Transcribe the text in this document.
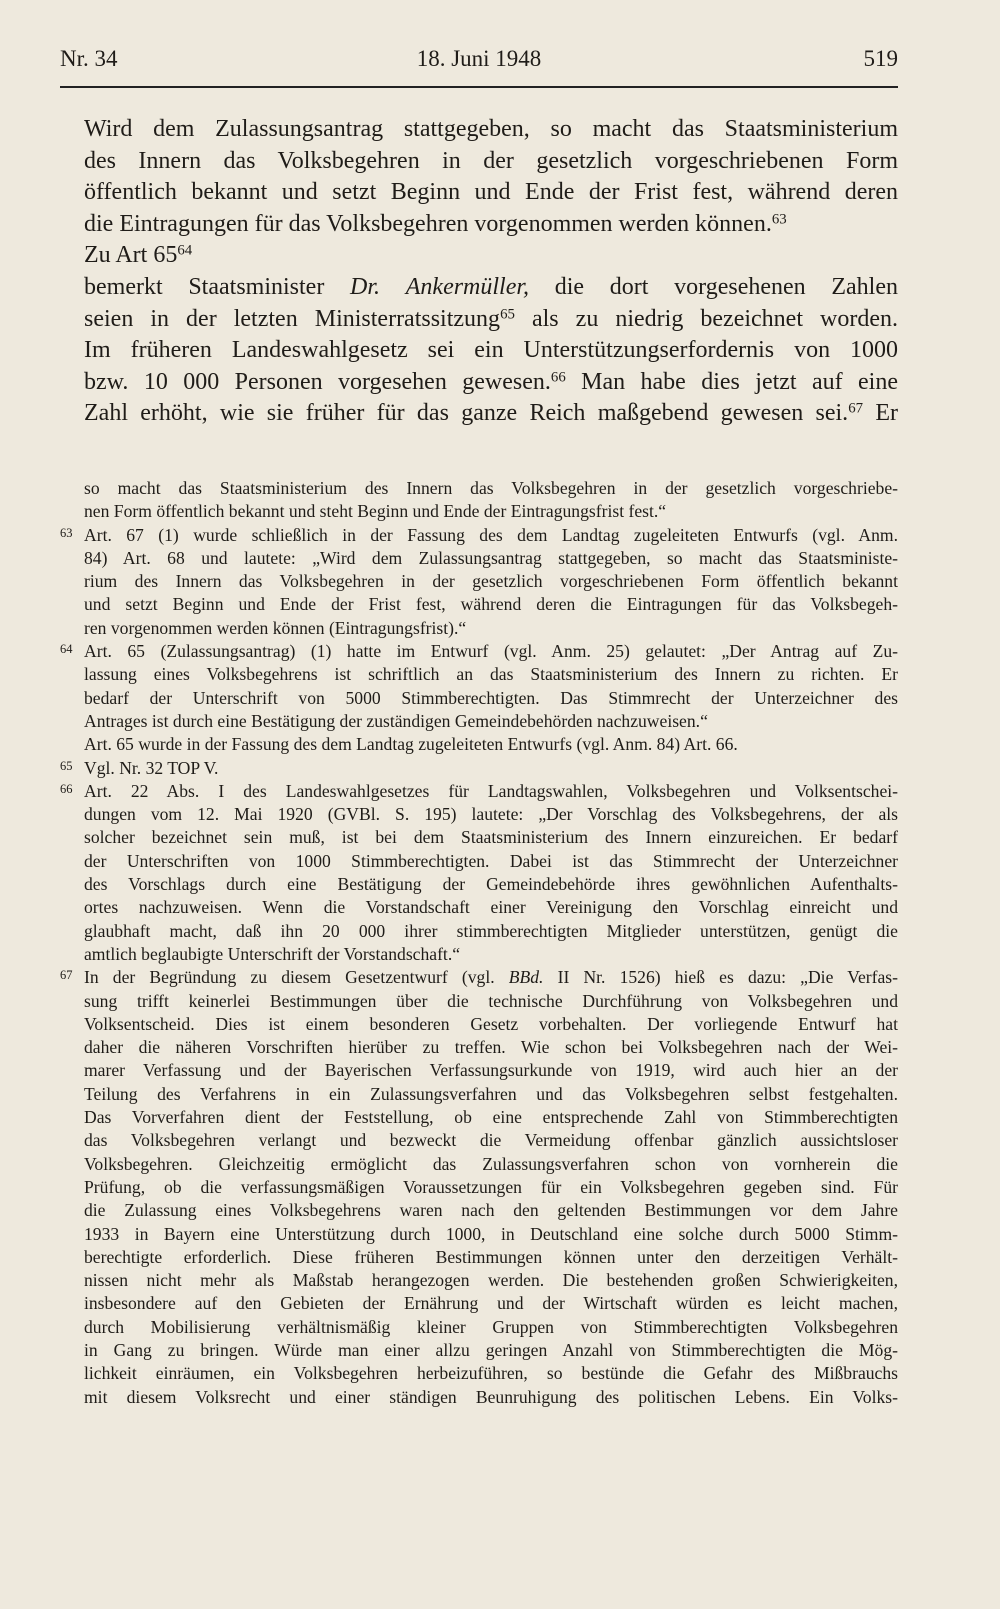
Nr. 34	18. Juni 1948	519
Wird dem Zulassungsantrag stattgegeben, so macht das Staatsministerium
des Innern das Volksbegehren in der gesetzlich vorgeschriebenen Form
öffentlich bekannt und setzt Beginn und Ende der Frist fest, während deren
die Eintragungen für das Volksbegehren vorgenommen werden können.$^{63}$
Zu Art $65^{64}$
bemerkt Staatsminister Dr. Ankermüller, die dort vorgesehenen Zahlen
seien in der letzten Ministerratssitzung$^{65}$ als zu niedrig bezeichnet worden.
Im früheren Landeswahlgesetz sei ein Unterstützungserfordernis von 1000
bzw. 10 000 Personen vorgesehen gewesen.$^{66}$ Man habe dies jetzt auf eine
Zahl erhöht, wie sie früher für das ganze Reich maßgebend gewesen sei.$^{67}$ Er
so macht das Staatsministerium des Innern das Volksbegehren in der gesetzlich vorgeschriebe-
nen Form öffentlich bekannt und steht Beginn und Ende der Eintragungsfrist fest.“
63 Art. 67 (1) wurde schließlich in der Fassung des dem Landtag zugeleiteten Entwurfs (vgl. Anm.
84) Art. 68 und lautete: „Wird dem Zulassungsantrag stattgegeben, so macht das Staatsministe-
rium des Innern das Volksbegehren in der gesetzlich vorgeschriebenen Form öffentlich bekannt
und setzt Beginn und Ende der Frist fest, während deren die Eintragungen für das Volksbegeh-
ren vorgenommen werden können (Eintragungsfrist).“
64 Art. 65 (Zulassungsantrag) (1) hatte im Entwurf (vgl. Anm. 25) gelautet: „Der Antrag auf Zu-
lassung eines Volksbegehrens ist schriftlich an das Staatsministerium des Innern zu richten. Er
bedarf der Unterschrift von 5000 Stimmberechtigten. Das Stimmrecht der Unterzeichner des
Antrages ist durch eine Bestätigung der zuständigen Gemeindebehörden nachzuweisen.“
Art. 65 wurde in der Fassung des dem Landtag zugeleiteten Entwurfs (vgl. Anm. 84) Art. 66.
65 Vgl. Nr. 32 TOP V.
66 Art. 22 Abs. I des Landeswahlgesetzes für Landtagswahlen, Volksbegehren und Volksentschei-
dungen vom 12. Mai 1920 (GVBl. S. 195) lautete: „Der Vorschlag des Volksbegehrens, der als
solcher bezeichnet sein muß, ist bei dem Staatsministerium des Innern einzureichen. Er bedarf
der Unterschriften von 1000 Stimmberechtigten. Dabei ist das Stimmrecht der Unterzeichner
des Vorschlags durch eine Bestätigung der Gemeindebehörde ihres gewöhnlichen Aufenthalts-
ortes nachzuweisen. Wenn die Vorstandschaft einer Vereinigung den Vorschlag einreicht und
glaubhaft macht, daß ihn 20 000 ihrer stimmberechtigten Mitglieder unterstützen, genügt die
amtlich beglaubigte Unterschrift der Vorstandschaft.“
67 In der Begründung zu diesem Gesetzentwurf (vgl. BBd. II Nr. 1526) hieß es dazu: „Die Verfas-
sung trifft keinerlei Bestimmungen über die technische Durchführung von Volksbegehren und
Volksentscheid. Dies ist einem besonderen Gesetz vorbehalten. Der vorliegende Entwurf hat
daher die näheren Vorschriften hierüber zu treffen. Wie schon bei Volksbegehren nach der Wei-
marer Verfassung und der Bayerischen Verfassungsurkunde von 1919, wird auch hier an der
Teilung des Verfahrens in ein Zulassungsverfahren und das Volksbegehren selbst festgehalten.
Das Vorverfahren dient der Feststellung, ob eine entsprechende Zahl von Stimmberechtigten
das Volksbegehren verlangt und bezweckt die Vermeidung offenbar gänzlich aussichtsloser
Volksbegehren. Gleichzeitig ermöglicht das Zulassungsverfahren schon von vornherein die
Prüfung, ob die verfassungsmäßigen Voraussetzungen für ein Volksbegehren gegeben sind. Für
die Zulassung eines Volksbegehrens waren nach den geltenden Bestimmungen vor dem Jahre
1933 in Bayern eine Unterstützung durch 1000, in Deutschland eine solche durch 5000 Stimm-
berechtigte erforderlich. Diese früheren Bestimmungen können unter den derzeitigen Verhält-
nissen nicht mehr als Maßstab herangezogen werden. Die bestehenden großen Schwierigkeiten,
insbesondere auf den Gebieten der Ernährung und der Wirtschaft würden es leicht machen,
durch Mobilisierung verhältnismäßig kleiner Gruppen von Stimmberechtigten Volksbegehren
in Gang zu bringen. Würde man einer allzu geringen Anzahl von Stimmberechtigten die Mög-
lichkeit einräumen, ein Volksbegehren herbeizuführen, so bestünde die Gefahr des Mißbrauchs
mit diesem Volksrecht und einer ständigen Beunruhigung des politischen Lebens. Ein Volks-
